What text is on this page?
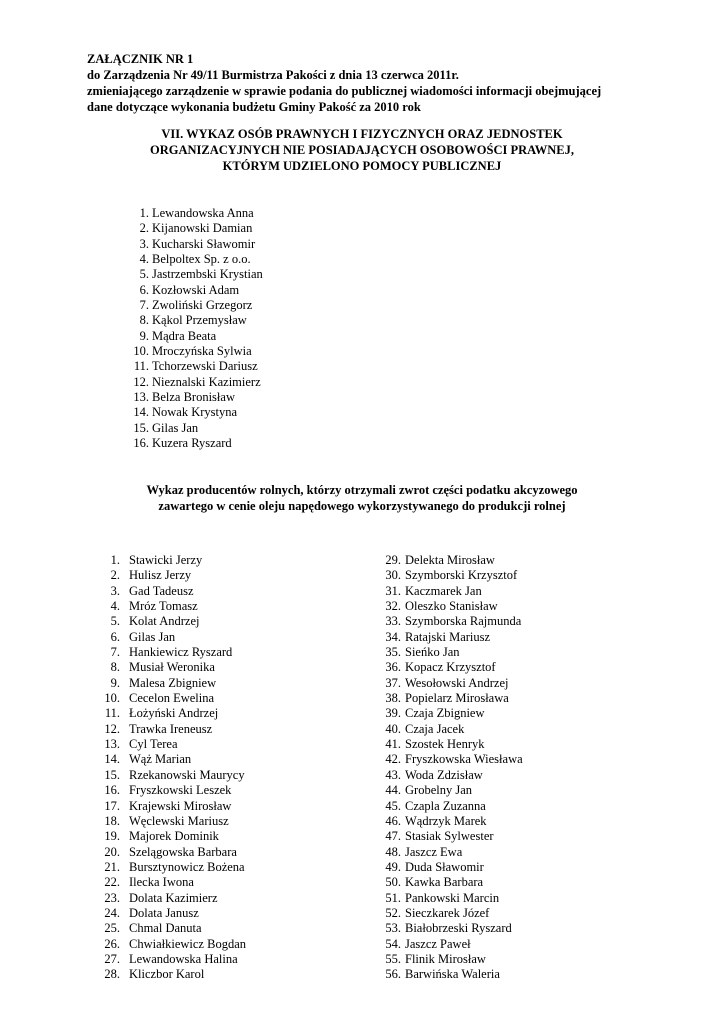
ZAŁĄCZNIK NR 1
do Zarządzenia Nr 49/11 Burmistrza Pakości z dnia 13 czerwca 2011r.
zmieniającego zarządzenie w sprawie podania do publicznej wiadomości informacji obejmującej
dane dotyczące wykonania budżetu Gminy Pakość za 2010 rok
VII. WYKAZ OSÓB PRAWNYCH I FIZYCZNYCH ORAZ JEDNOSTEK
ORGANIZACYJNYCH NIE POSIADAJĄCYCH OSOBOWOŚCI PRAWNEJ,
KTÓRYM UDZIELONO POMOCY PUBLICZNEJ
1. Lewandowska Anna
2. Kijanowski Damian
3. Kucharski Sławomir
4. Belpoltex Sp. z o.o.
5. Jastrzembski Krystian
6. Kozłowski Adam
7. Zwoliński Grzegorz
8. Kąkol Przemysław
9. Mądra Beata
10. Mroczyńska Sylwia
11. Tchorzewski Dariusz
12. Nieznalski Kazimierz
13. Belza Bronisław
14. Nowak Krystyna
15. Gilas Jan
16. Kuzera Ryszard
Wykaz producentów rolnych, którzy otrzymali zwrot części podatku akcyzowego
zawartego w cenie oleju napędowego wykorzystywanego do produkcji rolnej
1. Stawicki Jerzy
2. Hulisz Jerzy
3. Gad Tadeusz
4. Mróz Tomasz
5. Kolat Andrzej
6. Gilas Jan
7. Hankiewicz Ryszard
8. Musiał Weronika
9. Malesa Zbigniew
10. Cecelon Ewelina
11. Łożyński Andrzej
12. Trawka Ireneusz
13. Cyl Terea
14. Wąż Marian
15. Rzekanowski Maurycy
16. Fryszkowski Leszek
17. Krajewski Mirosław
18. Węclewski Mariusz
19. Majorek Dominik
20. Szelągowska Barbara
21. Bursztynowicz Bożena
22. Ilecka Iwona
23. Dolata Kazimierz
24. Dolata Janusz
25. Chmal Danuta
26. Chwiałkiewicz Bogdan
27. Lewandowska Halina
28. Kliczbor Karol
29. Delekta Mirosław
30. Szymborski Krzysztof
31. Kaczmarek Jan
32. Oleszko Stanisław
33. Szymborska Rajmunda
34. Ratajski Mariusz
35. Sieńko Jan
36. Kopacz Krzysztof
37. Wesołowski Andrzej
38. Popielarz Mirosława
39. Czaja Zbigniew
40. Czaja Jacek
41. Szostek Henryk
42. Fryszkowska Wiesława
43. Woda Zdzisław
44. Grobelny Jan
45. Czapla Zuzanna
46. Wądrzyk Marek
47. Stasiak Sylwester
48. Jaszcz Ewa
49. Duda Sławomir
50. Kawka Barbara
51. Pankowski Marcin
52. Sieczkarek Józef
53. Białobrzeski Ryszard
54. Jaszcz Paweł
55. Flinik Mirosław
56. Barwińska Waleria
